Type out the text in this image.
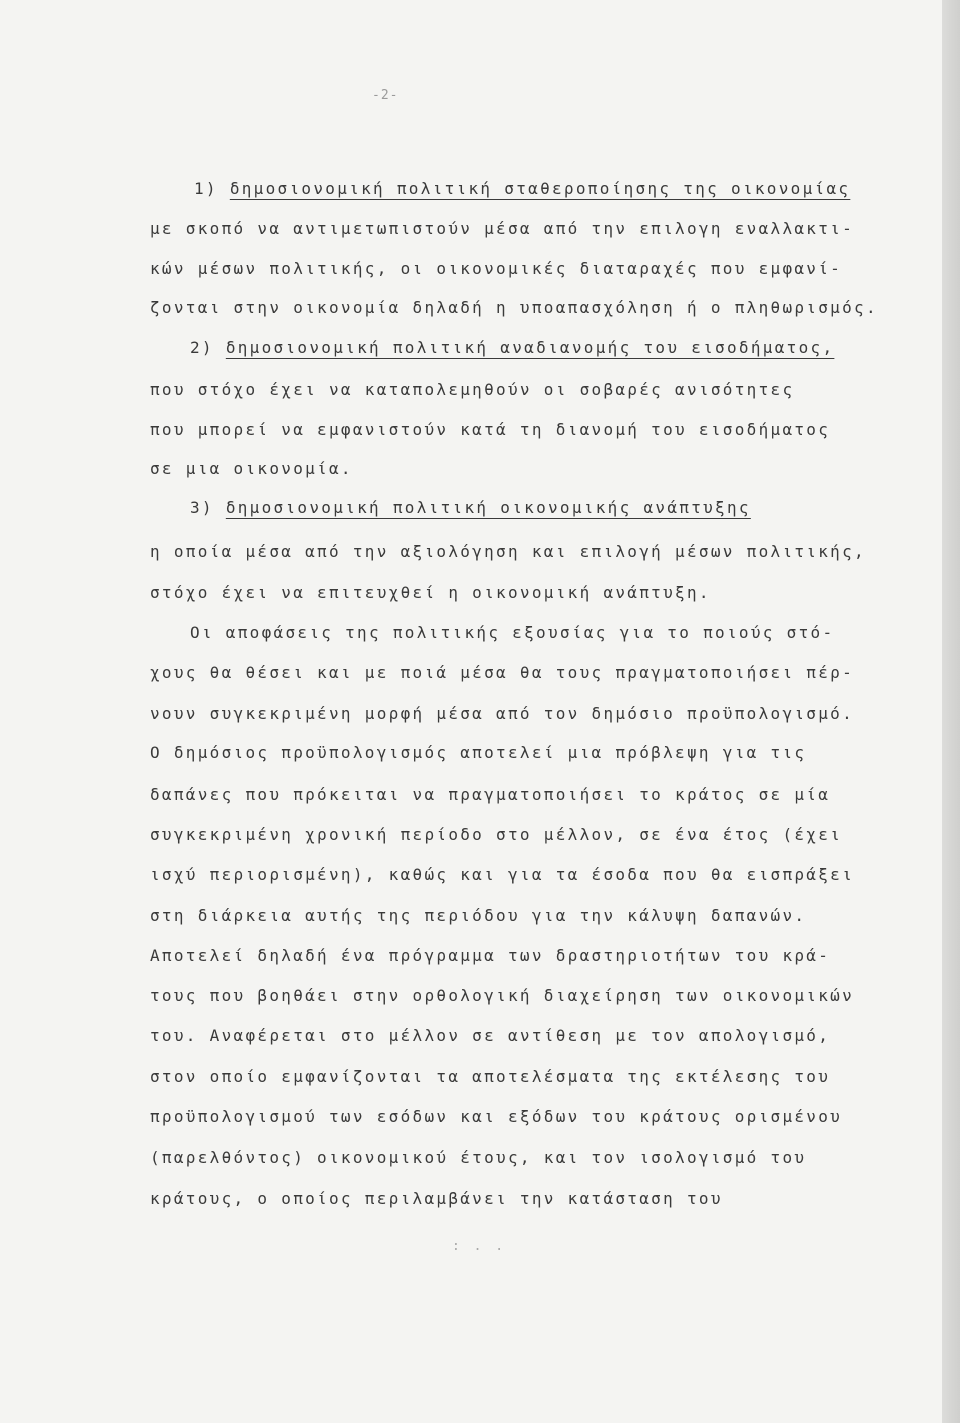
-2-

1) δημοσιονομική πολιτική σταθεροποίησης της οικονομίας

με σκοπό να αντιμετωπιστούν μέσα από την επιλογη εναλλακτι-

κών μέσων πολιτικής, οι οικονομικές διαταραχές που εμφανί-

ζονται στην οικονομία δηλαδή η υποαπασχόληση ή ο πληθωρισμός.

2) δημοσιονομική πολιτική αναδιανομής του εισοδήματος,

που στόχο έχει να καταπολεμηθούν οι σοβαρές ανισότητες

που μπορεί να εμφανιστούν κατά τη διανομή του εισοδήματος

σε μια οικονομία.

3) δημοσιονομική πολιτική οικονομικής ανάπτυξης

η οποία μέσα από την αξιολόγηση και επιλογή μέσων πολιτικής,

στόχο έχει να επιτευχθεί η οικονομική ανάπτυξη.

Οι αποφάσεις της πολιτικής εξουσίας για το ποιούς στό-

χους θα θέσει και με ποιά μέσα θα τους πραγματοποιήσει πέρ-

νουν συγκεκριμένη μορφή μέσα από τον δημόσιο προϋπολογισμό.

Ο δημόσιος προϋπολογισμός αποτελεί μια πρόβλεψη για τις

δαπάνες που πρόκειται να πραγματοποιήσει το κράτος σε μία

συγκεκριμένη χρονική περίοδο στο μέλλον, σε ένα έτος (έχει

ισχύ περιορισμένη), καθώς και για τα έσοδα που θα εισπράξει

στη διάρκεια αυτής της περιόδου για την κάλυψη δαπανών.

Αποτελεί δηλαδή ένα πρόγραμμα των δραστηριοτήτων του κρά-

τους που βοηθάει στην ορθολογική διαχείρηση των οικονομικών

του. Αναφέρεται στο μέλλον σε αντίθεση με τον απολογισμό,

στον οποίο εμφανίζονται τα αποτελέσματα της εκτέλεσης του

προϋπολογισμού των εσόδων και εξόδων του κράτους ορισμένου

(παρελθόντος) οικονομικού έτους, και τον ισολογισμό του

κράτους, ο οποίος περιλαμβάνει την κατάσταση του

: . .
